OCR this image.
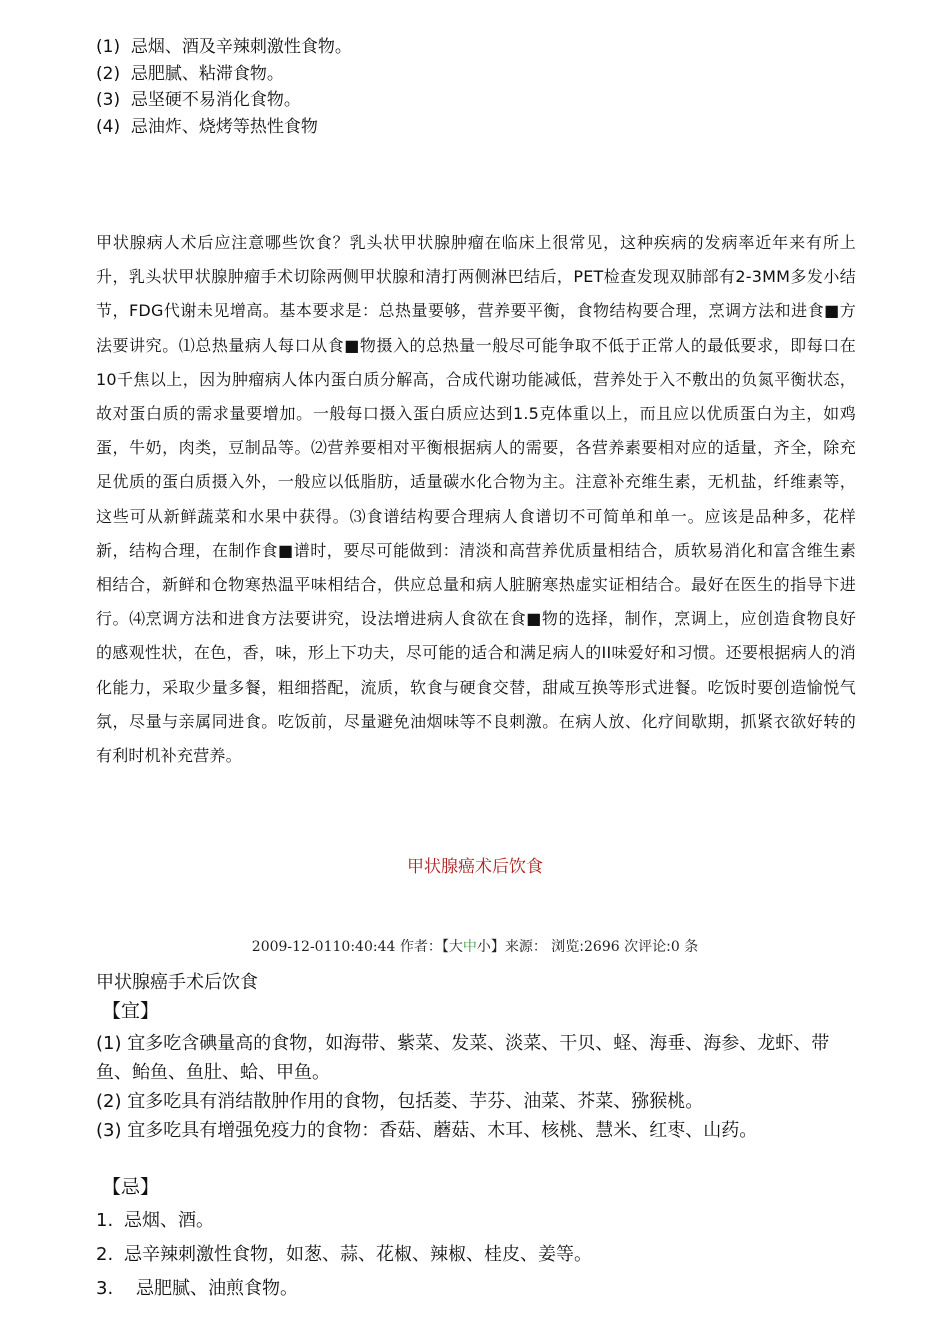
(1) 忌烟、酒及辛辣刺激性食物。
(2) 忌肥腻、粘滞食物。
(3) 忌坚硬不易消化食物。
(4) 忌油炸、烧烤等热性食物
甲状腺病人术后应注意哪些饮食？乳头状甲状腺肿瘤在临床上很常见，这种疾病的发病率近年来有所上升，乳头状甲状腺肿瘤手术切除两侧甲状腺和清打两侧淋巴结后，PET检查发现双肺部有2-3MM多发小结节，FDG代谢未见增高。基本要求是：总热量要够，营养要平衡，食物结构要合理，烹调方法和进食■方法要讲究。⑴总热量病人每口从食■物摄入的总热量一般尽可能争取不低于正常人的最低要求，即每口在10千焦以上，因为肿瘤病人体内蛋白质分解高，合成代谢功能减低，营养处于入不敷出的负氮平衡状态，故对蛋白质的需求量要增加。一般每口摄入蛋白质应达到1.5克体重以上，而且应以优质蛋白为主，如鸡蛋，牛奶，肉类，豆制品等。⑵营养要相对平衡根据病人的需要，各营养素要相对应的适量，齐全，除充足优质的蛋白质摄入外，一般应以低脂肪，适量碳水化合物为主。注意补充维生素，无机盐，纤维素等，这些可从新鲜蔬菜和水果中获得。⑶食谱结构要合理病人食谱切不可简单和单一。应该是品种多，花样新，结构合理，在制作食■谱时，要尽可能做到：清淡和高营养优质量相结合，质软易消化和富含维生素相结合，新鲜和仓物寒热温平味相结合，供应总量和病人脏腑寒热虚实证相结合。最好在医生的指导卞进行。⑷烹调方法和进食方法要讲究，设法增进病人食欲在食■物的选择，制作，烹调上，应创造食物良好的感观性状，在色，香，味，形上下功夫，尽可能的适合和满足病人的II味爱好和习惯。还要根据病人的消化能力，采取少量多餐，粗细搭配，流质，软食与硬食交替，甜咸互换等形式进餐。吃饭时要创造愉悦气氛，尽量与亲属同进食。吃饭前，尽量避免油烟味等不良刺激。在病人放、化疗间歇期，抓紧衣欲好转的有利时机补充营养。
甲状腺癌术后饮食
2009-12-0110:40:44 作者：【大中小】来源： 浏览:2696 次评论:0 条
甲状腺癌手术后饮食
【宜】
(1) 宜多吃含碘量高的食物，如海带、紫菜、发菜、淡菜、干贝、蛏、海垂、海参、龙虾、带鱼、鲐鱼、鱼肚、蛤、甲鱼。
(2) 宜多吃具有消结散肿作用的食物，包括菱、芋芬、油菜、芥菜、猕猴桃。
(3) 宜多吃具有增强免疫力的食物：香菇、蘑菇、木耳、核桃、慧米、红枣、山药。
【忌】
1. 忌烟、酒。
2. 忌辛辣刺激性食物，如葱、蒜、花椒、辣椒、桂皮、姜等。
3. 忌肥腻、油煎食物。
